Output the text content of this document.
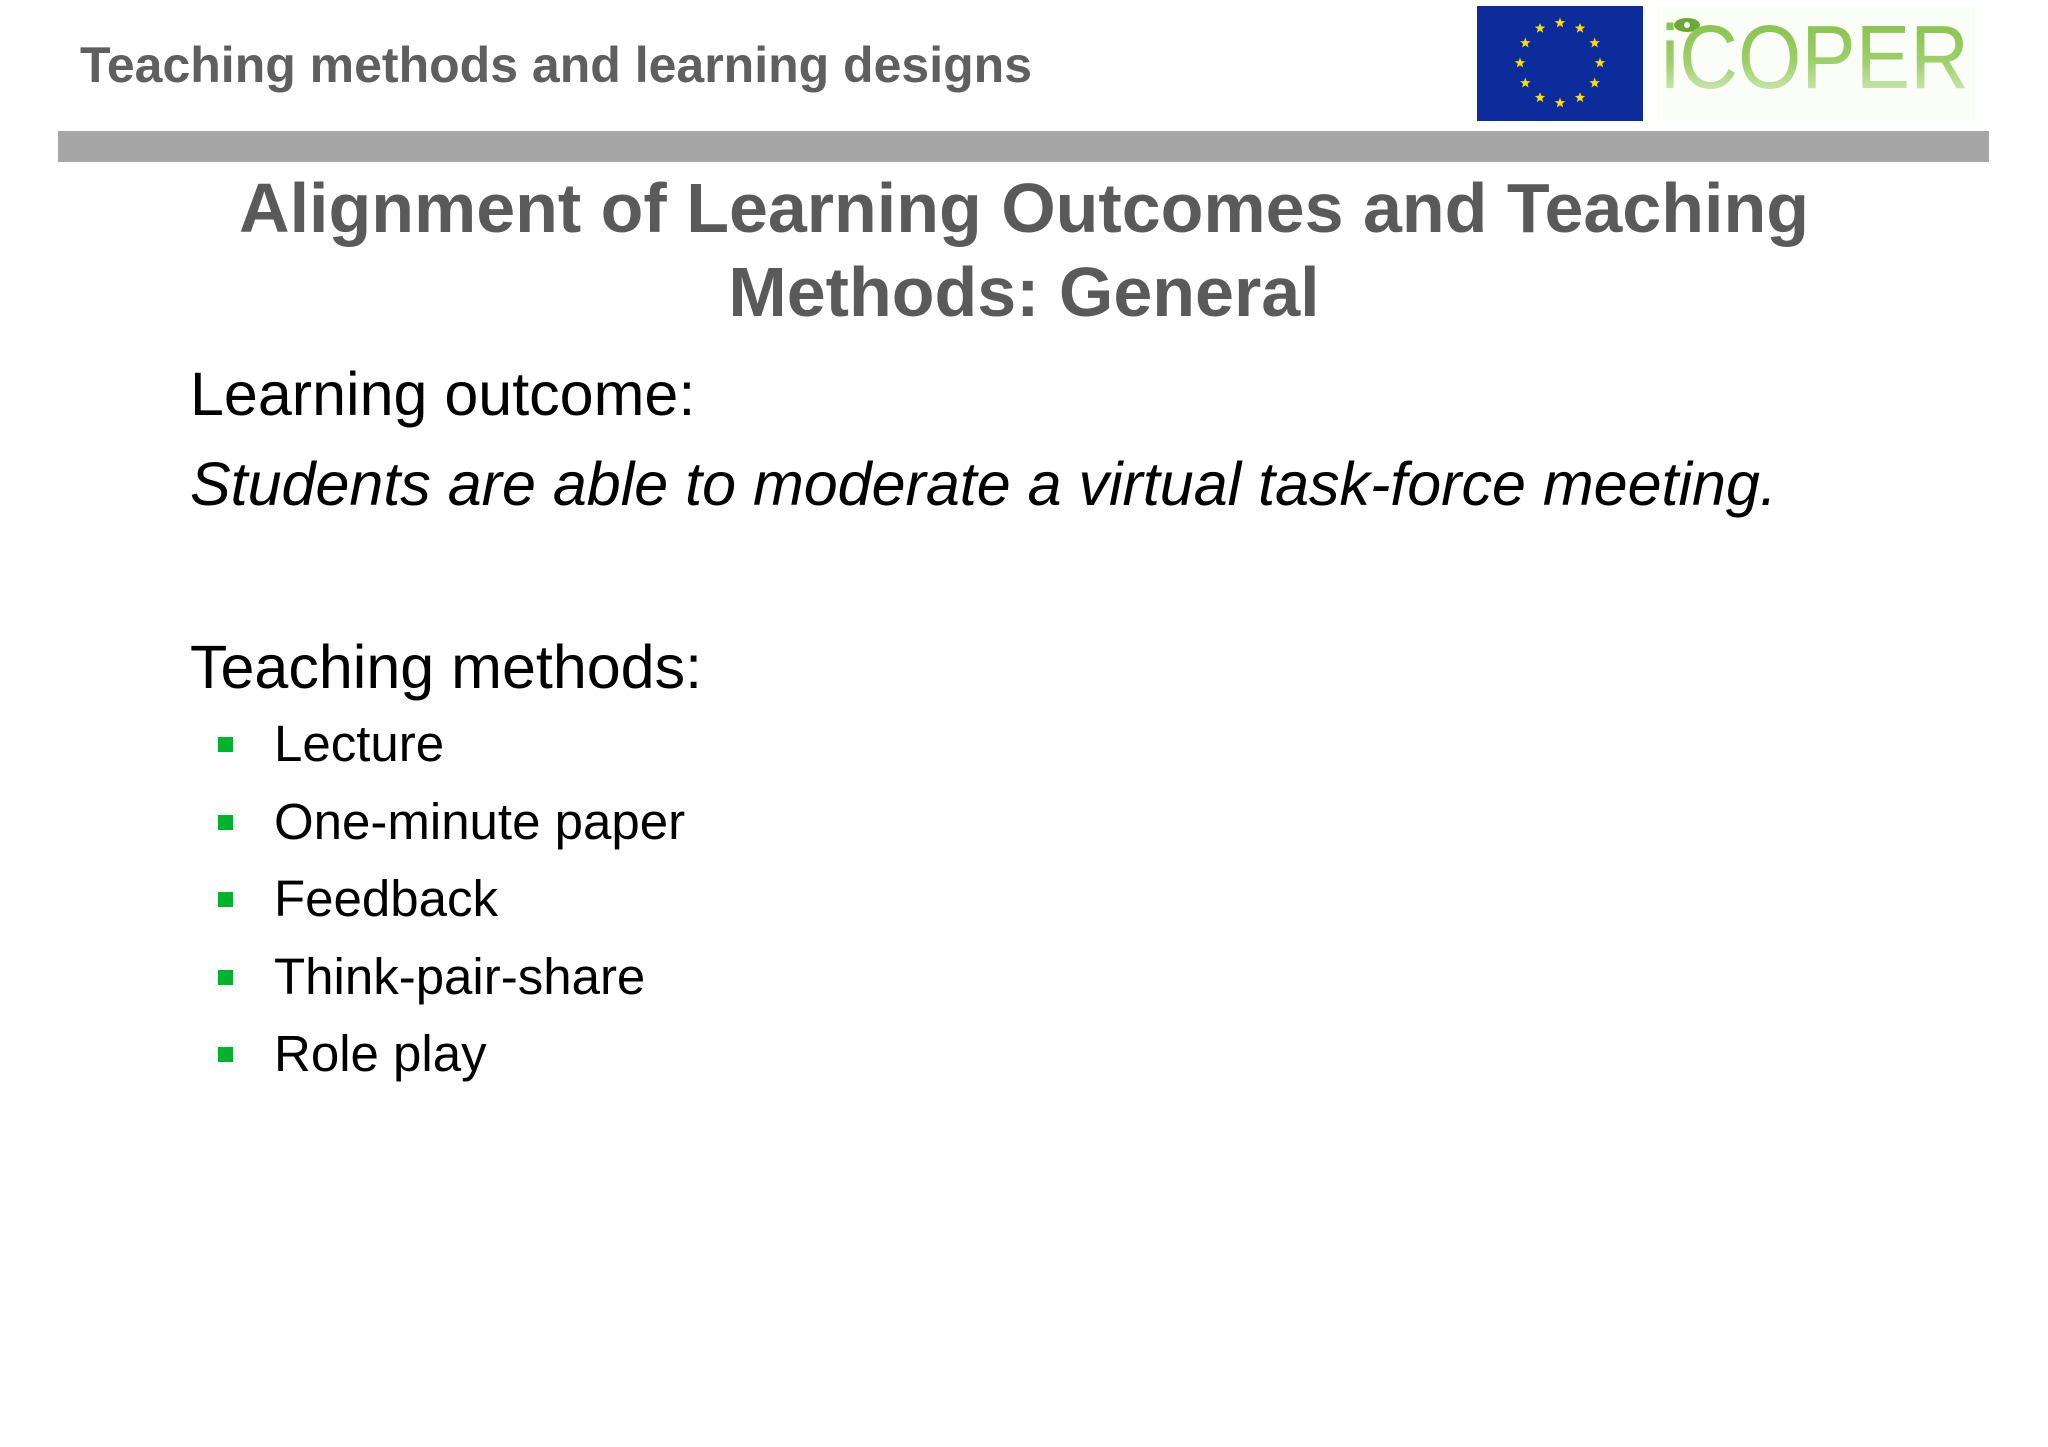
Teaching methods and learning designs	iCOPER
Alignment of Learning Outcomes and Teaching Methods: General

Learning outcome:

Students are able to moderate a virtual task-force meeting.

Teaching methods:

Lecture
One-minute paper
Feedback
Think-pair-share
Role play
